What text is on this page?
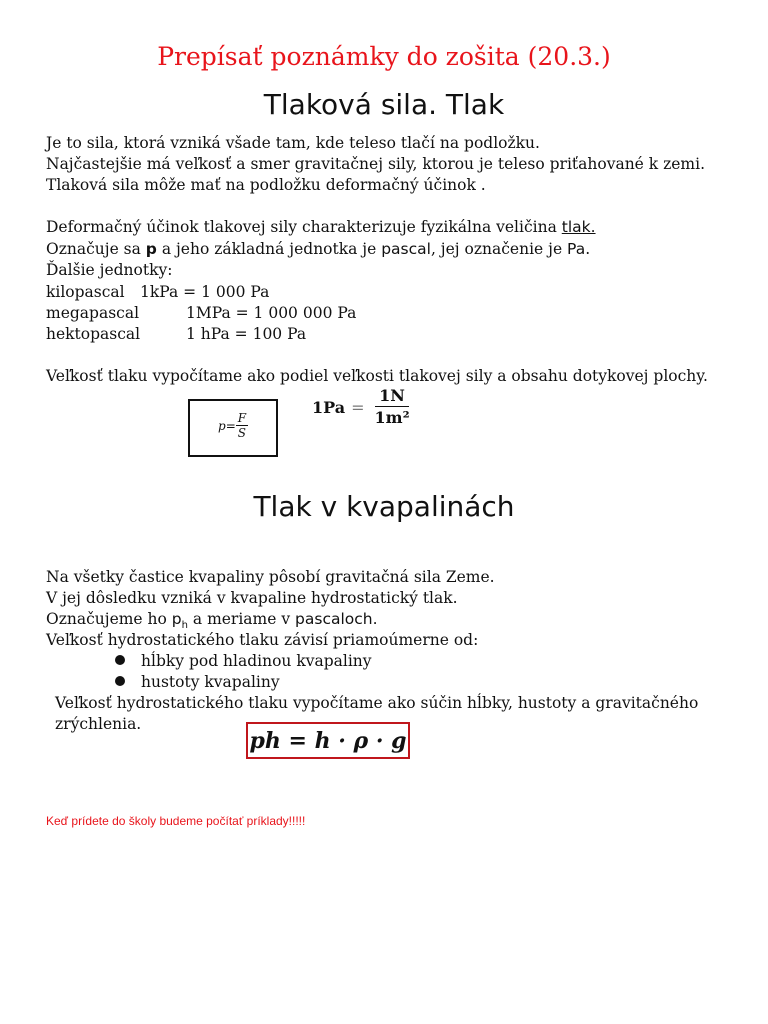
Prepísať poznámky do zošita (20.3.)
Tlaková sila. Tlak
Je to sila, ktorá vzniká všade tam, kde teleso tlačí na podložku.
Najčastejšie má veľkosť a smer gravitačnej sily, ktorou je teleso priťahované k zemi.
Tlaková sila môže mať na podložku deformačný účinok .
Deformačný účinok tlakovej sily charakterizuje fyzikálna veličina tlak.
Označuje sa p a jeho základná jednotka je pascal, jej označenie je Pa.
Ďalšie jednotky:
kilopascal 1kPa = 1 000 Pa
megapascal	1MPa = 1 000 000 Pa
hektopascal	1 hPa = 100 Pa
Veľkosť tlaku vypočítame ako podiel veľkosti tlakovej sily a obsahu dotykovej plochy.
$p = \frac{F}{S}$
$1Pa = \frac{1N}{\text{1m²}}$
Tlak v kvapalinách
Na všetky častice kvapaliny pôsobí gravitačná sila Zeme.
V jej dôsledku vzniká v kvapaline hydrostatický tlak.
Označujeme ho $p_h$ a meriame v pascaloch.
Veľkosť hydrostatického tlaku závisí priamoúmerne od:
hĺbky pod hladinou kvapaliny
hustoty kvapaliny
Veľkosť hydrostatického tlaku vypočítame ako súčin hĺbky, hustoty a gravitačného
zrýchlenia.
𝒑𝒉 = 𝒉 · 𝝆 · 𝒈
Keď prídete do školy budeme počítať príklady!!!!!
